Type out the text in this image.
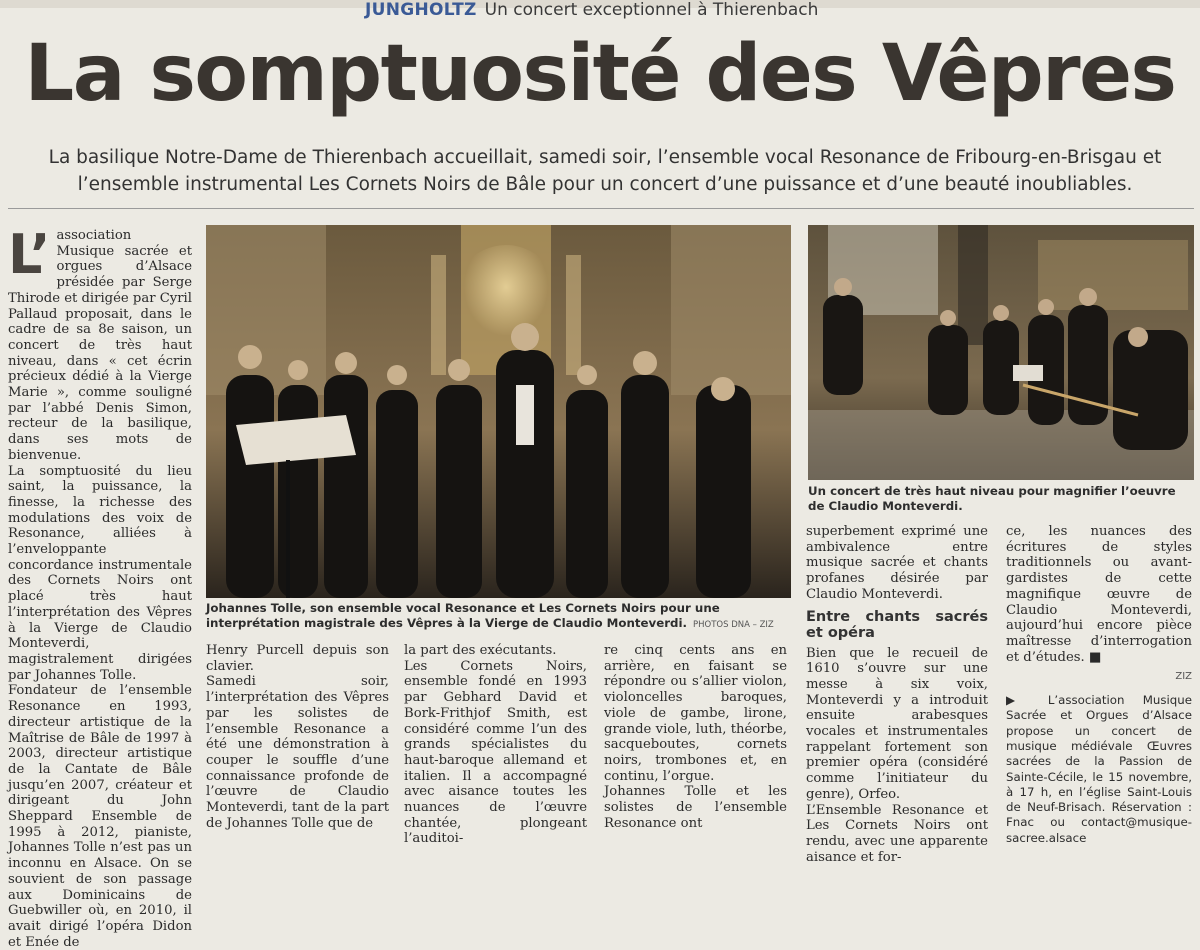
JUNGHOLTZ Un concert exceptionnel à Thierenbach
La somptuosité des Vêpres
La basilique Notre-Dame de Thierenbach accueillait, samedi soir, l’ensemble vocal Resonance de Fribourg-en-Brisgau et
l’ensemble instrumental Les Cornets Noirs de Bâle pour un concert d’une puissance et d’une beauté inoubliables.
L’ association Musique sacrée et orgues d’Alsace présidée par Serge Thirode et dirigée par Cyril Pallaud proposait, dans le cadre de sa 8e saison, un concert de très haut niveau, dans « cet écrin précieux dédié à la Vierge Marie », comme souligné par l’abbé Denis Simon, recteur de la basilique, dans ses mots de bienvenue.

La somptuosité du lieu saint, la puissance, la finesse, la richesse des modulations des voix de Resonance, alliées à l’enveloppante concordance instrumentale des Cornets Noirs ont placé très haut l’interprétation des Vêpres à la Vierge de Claudio Monteverdi, magistralement dirigées par Johannes Tolle.

Fondateur de l’ensemble Resonance en 1993, directeur artistique de la Maîtrise de Bâle de 1997 à 2003, directeur artistique de la Cantate de Bâle jusqu’en 2007, créateur et dirigeant du John Sheppard Ensemble de 1995 à 2012, pianiste, Johannes Tolle n’est pas un inconnu en Alsace. On se souvient de son passage aux Dominicains de Guebwiller où, en 2010, il avait dirigé l’opéra Didon et Enée de

Johannes Tolle, son ensemble vocal Resonance et Les Cornets Noirs pour une interprétation magistrale des Vêpres à la Vierge de Claudio Monteverdi. PHOTOS DNA – ZIZ
Un concert de très haut niveau pour magnifier l’oeuvre de Claudio Monteverdi.

Henry Purcell depuis son clavier.

Samedi soir, l’interprétation des Vêpres par les solistes de l’ensemble Resonance a été une démonstration à couper le souffle d’une connaissance profonde de l’œuvre de Claudio Monteverdi, tant de la part de Johannes Tolle que de

la part des exécutants.

Les Cornets Noirs, ensemble fondé en 1993 par Gebhard David et Bork-Frithjof Smith, est considéré comme l’un des grands spécialistes du haut-baroque allemand et italien. Il a accompagné avec aisance toutes les nuances de l’œuvre chantée, plongeant l’auditoi-

re cinq cents ans en arrière, en faisant se répondre ou s’allier violon, violoncelles baroques, viole de gambe, lirone, grande viole, luth, théorbe, sacqueboutes, cornets noirs, trombones et, en continu, l’orgue.

Johannes Tolle et les solistes de l’ensemble Resonance ont

superbement exprimé une ambivalence entre musique sacrée et chants profanes désirée par Claudio Monteverdi.

Entre chants sacrés et opéra

Bien que le recueil de 1610 s’ouvre sur une messe à six voix, Monteverdi y a introduit ensuite arabesques vocales et instrumentales rappelant fortement son premier opéra (considéré comme l’initiateur du genre), Orfeo.

L’Ensemble Resonance et Les Cornets Noirs ont rendu, avec une apparente aisance et for-

ce, les nuances des écritures de styles traditionnels ou avant-gardistes de cette magnifique œuvre de Claudio Monteverdi, aujourd’hui encore pièce maîtresse d’interrogation et d’études. ■

ZIZ
▶ L’association Musique Sacrée et Orgues d’Alsace propose un concert de musique médiévale Œuvres sacrées de la Passion de Sainte-Cécile, le 15 novembre, à 17 h, en l’église Saint-Louis de Neuf-Brisach. Réservation : Fnac ou contact@musique-sacree.alsace
